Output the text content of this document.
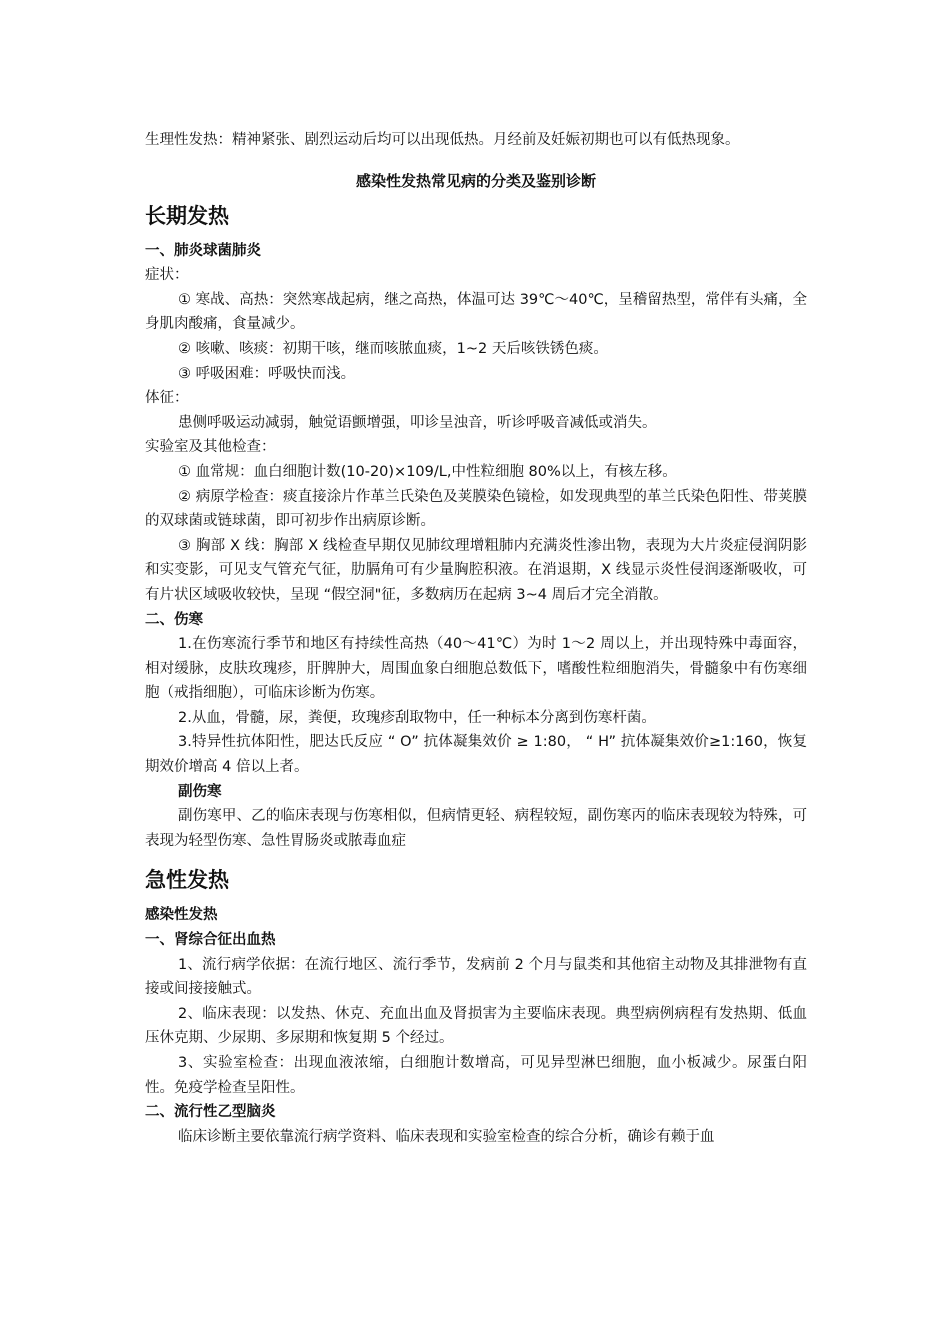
生理性发热：精神紧张、剧烈运动后均可以出现低热。月经前及妊娠初期也可以有低热现象。

感染性发热常见病的分类及鉴别诊断

长期发热
一、肺炎球菌肺炎

症状：

① 寒战、高热：突然寒战起病，继之高热，体温可达 39℃～40℃，呈稽留热型，常伴有头痛，全身肌肉酸痛，食量减少。

② 咳嗽、咳痰：初期干咳，继而咳脓血痰，1~2 天后咳铁锈色痰。

③ 呼吸困难：呼吸快而浅。

体征：

患侧呼吸运动减弱，触觉语颤增强，叩诊呈浊音，听诊呼吸音减低或消失。

实验室及其他检查：

① 血常规：血白细胞计数(10-20)×109/L,中性粒细胞 80%以上，有核左移。

② 病原学检查：痰直接涂片作革兰氏染色及荚膜染色镜检，如发现典型的革兰氏染色阳性、带荚膜的双球菌或链球菌，即可初步作出病原诊断。

③ 胸部 X 线：胸部 X 线检查早期仅见肺纹理增粗肺内充满炎性渗出物，表现为大片炎症侵润阴影和实变影，可见支气管充气征，肋膈角可有少量胸腔积液。在消退期，X 线显示炎性侵润逐渐吸收，可有片状区域吸收较快，呈现 “假空洞"征，多数病历在起病 3~4 周后才完全消散。

二、伤寒

1.在伤寒流行季节和地区有持续性高热（40～41℃）为时 1～2 周以上，并出现特殊中毒面容，相对缓脉，皮肤玫瑰疹，肝脾肿大，周围血象白细胞总数低下，嗜酸性粒细胞消失，骨髓象中有伤寒细胞（戒指细胞），可临床诊断为伤寒。

2.从血，骨髓，尿，粪便，玫瑰疹刮取物中，任一种标本分离到伤寒杆菌。

3.特异性抗体阳性，肥达氏反应 “ O” 抗体凝集效价 ≥ 1:80， “ H” 抗体凝集效价≥1:160，恢复期效价增高 4 倍以上者。

副伤寒

副伤寒甲、乙的临床表现与伤寒相似，但病情更轻、病程较短，副伤寒丙的临床表现较为特殊，可表现为轻型伤寒、急性胃肠炎或脓毒血症

急性发热
感染性发热
一、肾综合征出血热

1、流行病学依据：在流行地区、流行季节，发病前 2 个月与鼠类和其他宿主动物及其排泄物有直接或间接接触式。

2、临床表现：以发热、休克、充血出血及肾损害为主要临床表现。典型病例病程有发热期、低血压休克期、少尿期、多尿期和恢复期 5 个经过。

3、实验室检查：出现血液浓缩，白细胞计数增高，可见异型淋巴细胞，血小板减少。尿蛋白阳性。免疫学检查呈阳性。

二、流行性乙型脑炎

临床诊断主要依靠流行病学资料、临床表现和实验室检查的综合分析，确诊有赖于血
